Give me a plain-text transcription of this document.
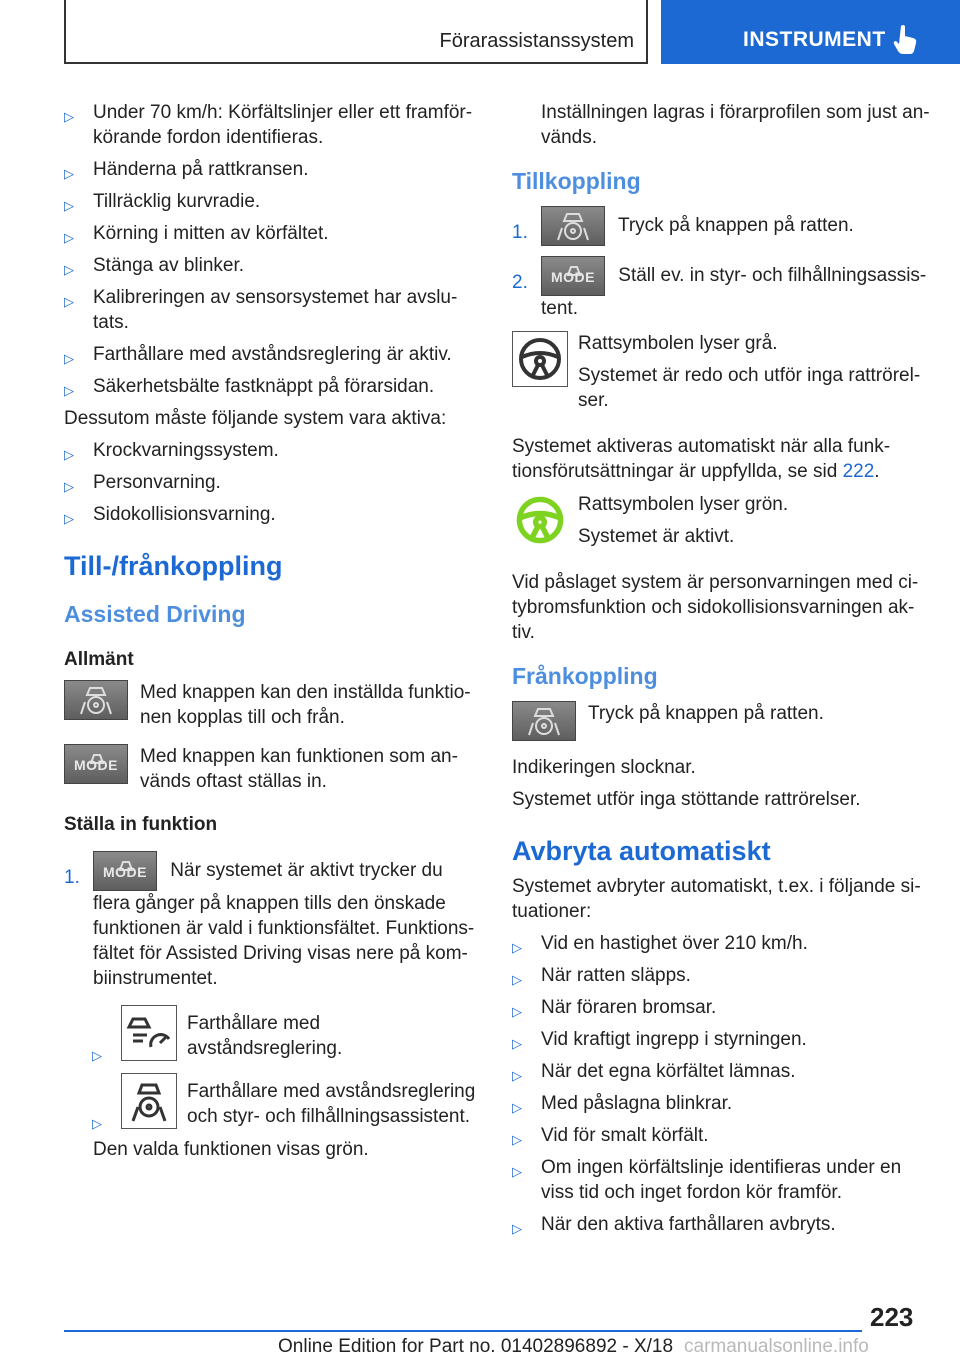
Förarassistanssystem	INSTRUMENT
▷ Under 70 km/h: Körfältslinjer eller ett framför-körande fordon identifieras.
▷ Händerna på rattkransen.
▷ Tillräcklig kurvradie.
▷ Körning i mitten av körfältet.
▷ Stänga av blinker.
▷ Kalibreringen av sensorsystemet har avslu-tats.
▷ Farthållare med avståndsreglering är aktiv.
▷ Säkerhetsbälte fastknäppt på förarsidan.
Dessutom måste följande system vara aktiva:
▷ Krockvarningssystem.
▷ Personvarning.
▷ Sidokollisionsvarning.
Till-/frånkoppling
Assisted Driving
Allmänt
Med knappen kan den inställda funktio-nen kopplas till och från.
MODE	Med knappen kan funktionen som an-vänds oftast ställas in.
Ställa in funktion
1.	MODE	När systemet är aktivt trycker du flera gånger på knappen tills den önskade funktionen är vald i funktionsfältet. Funktions-fältet för Assisted Driving visas nere på kom-biinstrumentet.
▷
Farthållare med avståndsreglering.
▷
Farthållare med avståndsreglering och styr- och filhållningsassistent.
Den valda funktionen visas grön.
Inställningen lagras i förarprofilen som just an-vänds.
Tillkoppling
1.	Tryck på knappen på ratten.
2.	MODE	Ställ ev. in styr- och filhållningsassis-tent.
Rattsymbolen lyser grå.
Systemet är redo och utför inga rattrörel-ser.
Systemet aktiveras automatiskt när alla funk-tionsförutsättningar är uppfyllda, se sid 222.
Rattsymbolen lyser grön.
Systemet är aktivt.
Vid påslaget system är personvarningen med ci-tybromsfunktion och sidokollisionsvarningen ak-tiv.
Frånkoppling
Tryck på knappen på ratten.
Indikeringen slocknar.
Systemet utför inga stöttande rattrörelser.
Avbryta automatiskt
Systemet avbryter automatiskt, t.ex. i följande si-tuationer:
▷ Vid en hastighet över 210 km/h.
▷ När ratten släpps.
▷ När föraren bromsar.
▷ Vid kraftigt ingrepp i styrningen.
▷ När det egna körfältet lämnas.
▷ Med påslagna blinkrar.
▷ Vid för smalt körfält.
▷ Om ingen körfältslinje identifieras under en viss tid och inget fordon kör framför.
▷ När den aktiva farthållaren avbryts.
223
Online Edition for Part no. 01402896892 - X/18 carmanualsonline.info
